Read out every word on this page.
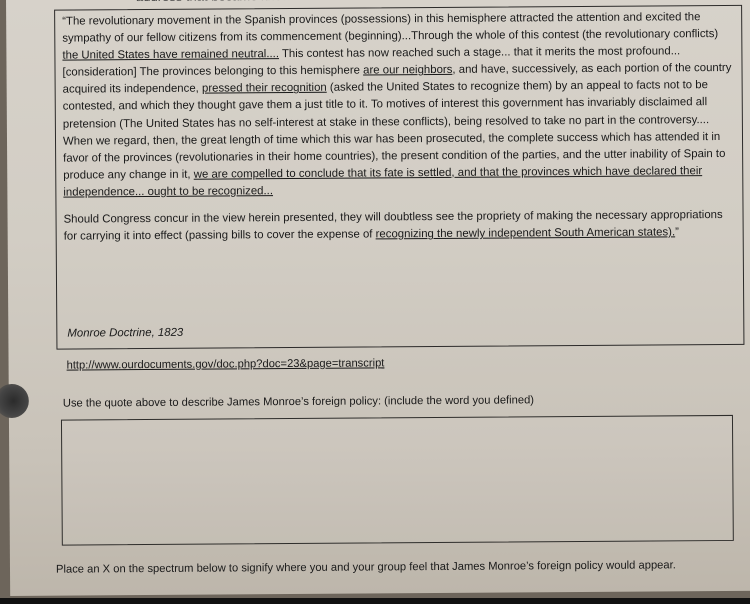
“The revolutionary movement in the Spanish provinces (possessions) in this hemisphere attracted the attention and excited the sympathy of our fellow citizens from its commencement (beginning)...Through the whole of this contest (the revolutionary conflicts) the United States have remained neutral.... This contest has now reached such a stage... that it merits the most profound...[consideration] The provinces belonging to this hemisphere are our neighbors, and have, successively, as each portion of the country acquired its independence, pressed their recognition (asked the United States to recognize them) by an appeal to facts not to be contested, and which they thought gave them a just title to it. To motives of interest this government has invariably disclaimed all pretension (The United States has no self-interest at stake in these conflicts), being resolved to take no part in the controversy.... When we regard, then, the great length of time which this war has been prosecuted, the complete success which has attended it in favor of the provinces (revolutionaries in their home countries), the present condition of the parties, and the utter inability of Spain to produce any change in it, we are compelled to conclude that its fate is settled, and that the provinces which have declared their independence... ought to be recognized...

Should Congress concur in the view herein presented, they will doubtless see the propriety of making the necessary appropriations for carrying it into effect (passing bills to cover the expense of recognizing the newly independent South American states).”

Monroe Doctrine, 1823
http://www.ourdocuments.gov/doc.php?doc=23&page=transcript
Use the quote above to describe James Monroe’s foreign policy: (include the word you defined)
Place an X on the spectrum below to signify where you and your group feel that James Monroe’s foreign policy would appear.
